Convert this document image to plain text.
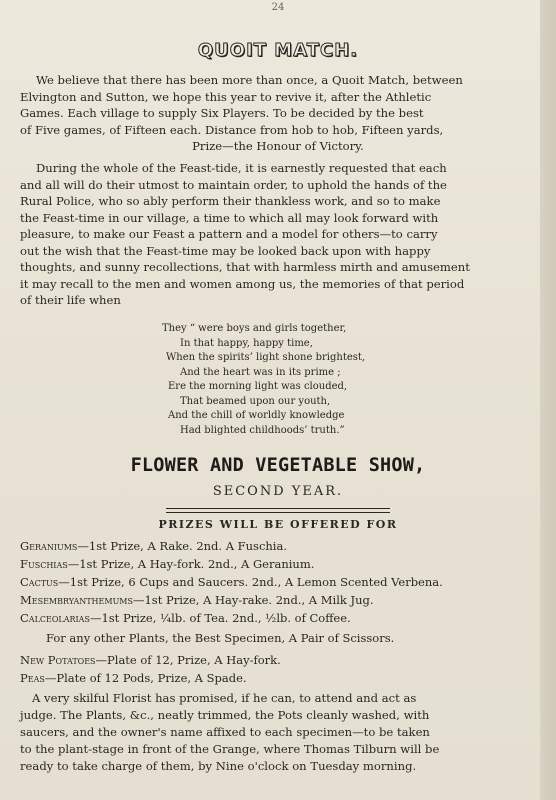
24
QUOIT MATCH.
We believe that there has been more than once, a Quoit Match, between
Elvington and Sutton, we hope this year to revive it, after the Athletic
Games. Each village to supply Six Players. To be decided by the best
of Five games, of Fifteen each. Distance from hob to hob, Fifteen yards,
Prize—the Honour of Victory.
During the whole of the Feast-tide, it is earnestly requested that each
and all will do their utmost to maintain order, to uphold the hands of the
Rural Police, who so ably perform their thankless work, and so to make
the Feast-time in our village, a time to which all may look forward with
pleasure, to make our Feast a pattern and a model for others—to carry
out the wish that the Feast-time may be looked back upon with happy
thoughts, and sunny recollections, that with harmless mirth and amusement
it may recall to the men and women among us, the memories of that period
of their life when
They “ were boys and girls together,
In that happy, happy time,
When the spirits’ light shone brightest,
And the heart was in its prime ;
Ere the morning light was clouded,
That beamed upon our youth,
And the chill of worldly knowledge
Had blighted childhoods’ truth.”
FLOWER AND VEGETABLE SHOW,
SECOND YEAR.
PRIZES WILL BE OFFERED FOR
Geraniums—1st Prize, A Rake. 2nd. A Fuschia.
Fuschias—1st Prize, A Hay-fork. 2nd., A Geranium.
Cactus—1st Prize, 6 Cups and Saucers. 2nd., A Lemon Scented Verbena.
Mesembryanthemums—1st Prize, A Hay-rake. 2nd., A Milk Jug.
Calceolarias—1st Prize, ¼lb. of Tea. 2nd., ½lb. of Coffee.
For any other Plants, the Best Specimen, A Pair of Scissors.
New Potatoes—Plate of 12, Prize, A Hay-fork.
Peas—Plate of 12 Pods, Prize, A Spade.
A very skilful Florist has promised, if he can, to attend and act as
judge. The Plants, &c., neatly trimmed, the Pots cleanly washed, with
saucers, and the owner's name affixed to each specimen—to be taken
to the plant-stage in front of the Grange, where Thomas Tilburn will be
ready to take charge of them, by Nine o'clock on Tuesday morning.
